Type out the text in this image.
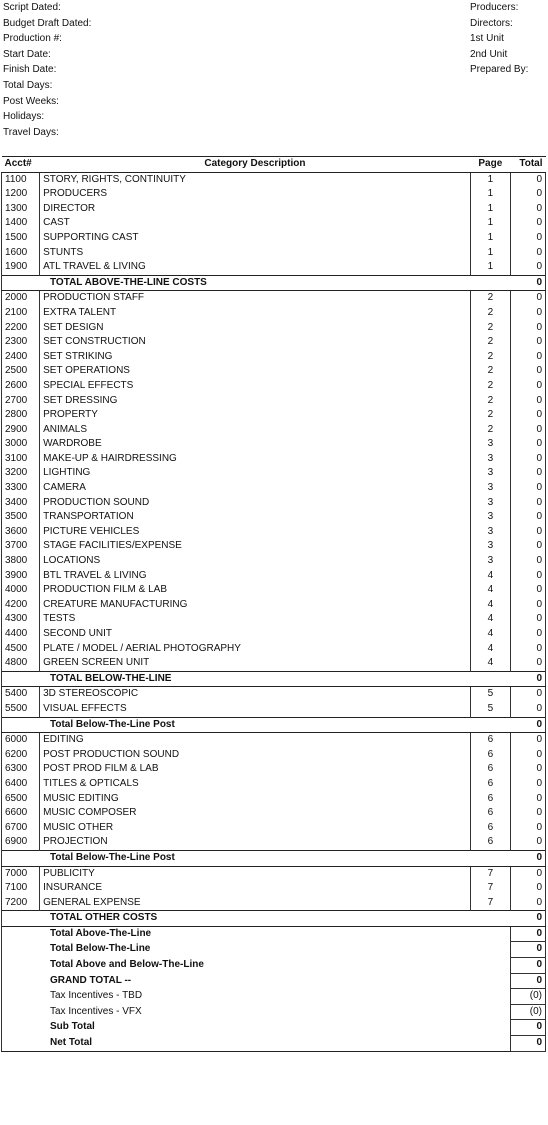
Script Dated:
Budget Draft Dated:
Production #:
Start Date:
Finish Date:
Total Days:
Post Weeks:
Holidays:
Travel Days:
Producers:
Directors:
1st Unit
2nd Unit
Prepared By:
Acct#	Category Description	Page	Total
1100	STORY, RIGHTS, CONTINUITY	1	0
1200	PRODUCERS	1	0
1300	DIRECTOR	1	0
1400	CAST	1	0
1500	SUPPORTING CAST	1	0
1600	STUNTS	1	0
1900	ATL TRAVEL & LIVING	1	0
TOTAL ABOVE-THE-LINE COSTS			0
2000	PRODUCTION STAFF	2	0
2100	EXTRA TALENT	2	0
2200	SET DESIGN	2	0
2300	SET CONSTRUCTION	2	0
2400	SET STRIKING	2	0
2500	SET OPERATIONS	2	0
2600	SPECIAL EFFECTS	2	0
2700	SET DRESSING	2	0
2800	PROPERTY	2	0
2900	ANIMALS	2	0
3000	WARDROBE	3	0
3100	MAKE-UP & HAIRDRESSING	3	0
3200	LIGHTING	3	0
3300	CAMERA	3	0
3400	PRODUCTION SOUND	3	0
3500	TRANSPORTATION	3	0
3600	PICTURE VEHICLES	3	0
3700	STAGE FACILITIES/EXPENSE	3	0
3800	LOCATIONS	3	0
3900	BTL TRAVEL & LIVING	4	0
4000	PRODUCTION FILM & LAB	4	0
4200	CREATURE MANUFACTURING	4	0
4300	TESTS	4	0
4400	SECOND UNIT	4	0
4500	PLATE / MODEL / AERIAL PHOTOGRAPHY	4	0
4800	GREEN SCREEN UNIT	4	0
TOTAL BELOW-THE-LINE			0
5400	3D STEREOSCOPIC	5	0
5500	VISUAL EFFECTS	5	0
Total Below-The-Line Post			0
6000	EDITING	6	0
6200	POST PRODUCTION SOUND	6	0
6300	POST PROD FILM & LAB	6	0
6400	TITLES & OPTICALS	6	0
6500	MUSIC EDITING	6	0
6600	MUSIC COMPOSER	6	0
6700	MUSIC OTHER	6	0
6900	PROJECTION	6	0
Total Below-The-Line Post			0
7000	PUBLICITY	7	0
7100	INSURANCE	7	0
7200	GENERAL EXPENSE	7	0
TOTAL OTHER COSTS			0
Total Above-The-Line			0
Total Below-The-Line			0
Total Above and Below-The-Line			0
GRAND TOTAL --			0
Tax Incentives - TBD			(0)
Tax Incentives - VFX			(0)
Sub Total			0
Net Total			0
